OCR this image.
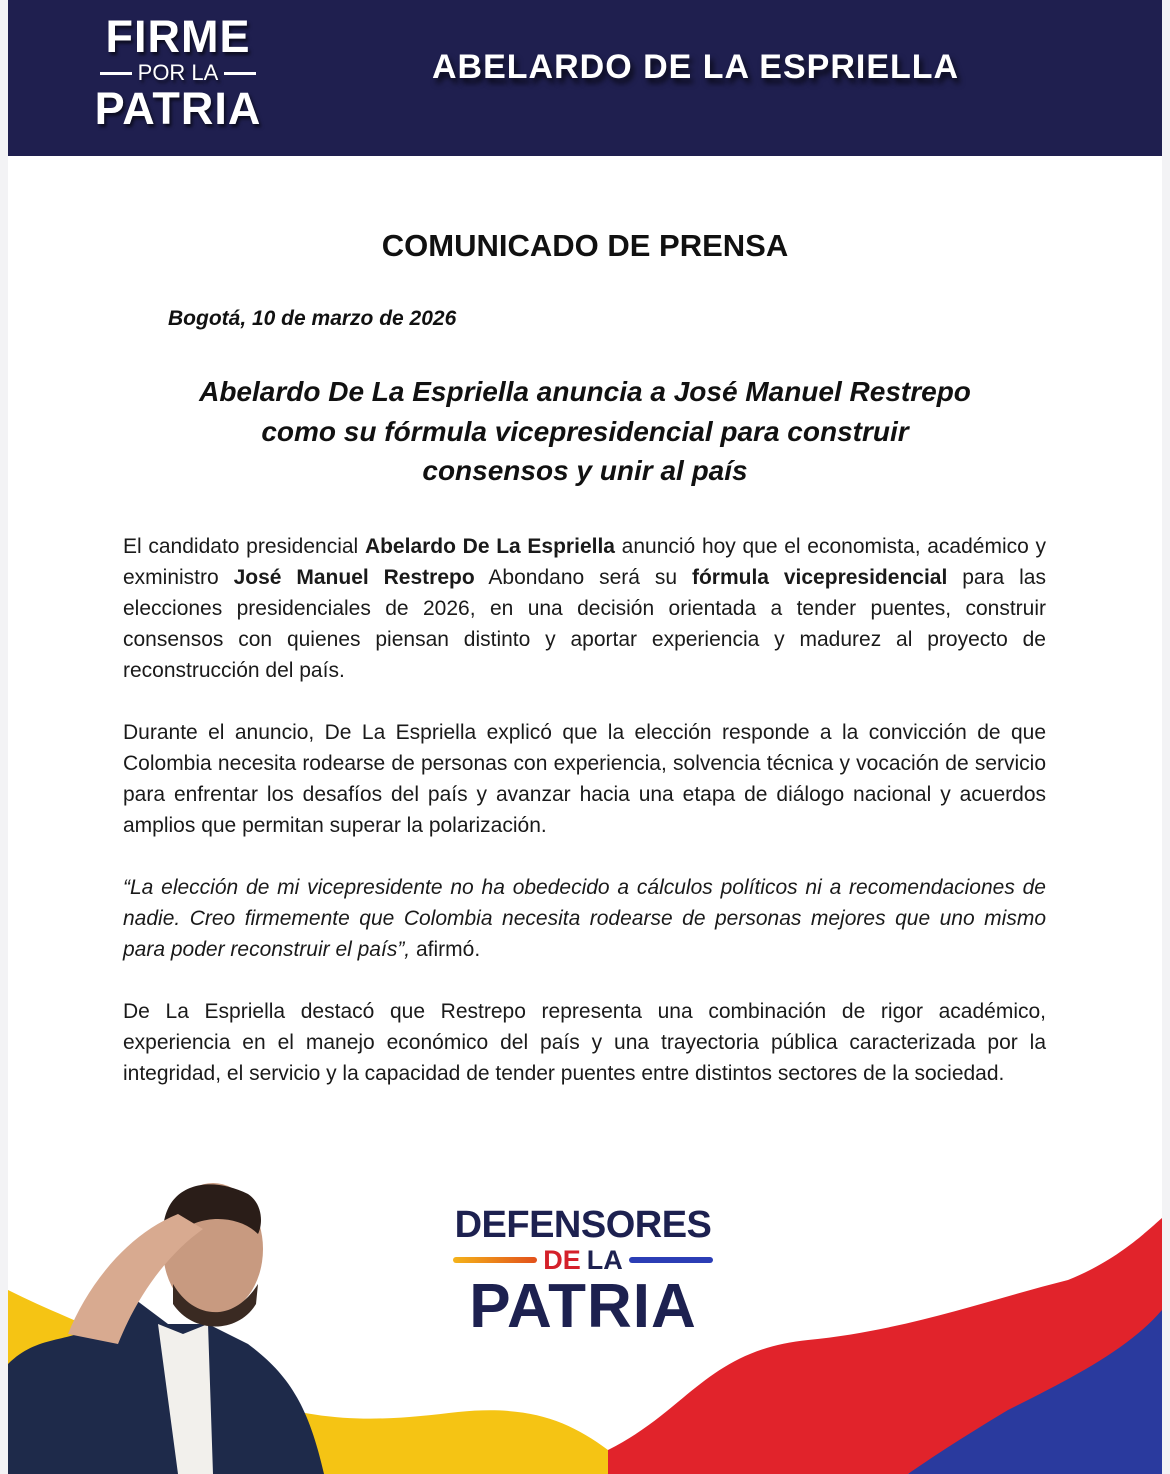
FIRME
POR LA
PATRIA
ABELARDO DE LA ESPRIELLA
COMUNICADO DE PRENSA
Bogotá, 10 de marzo de 2026
Abelardo De La Espriella anuncia a José Manuel Restrepo
como su fórmula vicepresidencial para construir
consensos y unir al país

El candidato presidencial Abelardo De La Espriella anunció hoy que el economista, académico y exministro José Manuel Restrepo Abondano será su fórmula vicepresidencial para las elecciones presidenciales de 2026, en una decisión orientada a tender puentes, construir consensos con quienes piensan distinto y aportar experiencia y madurez al proyecto de reconstrucción del país.

Durante el anuncio, De La Espriella explicó que la elección responde a la convicción de que Colombia necesita rodearse de personas con experiencia, solvencia técnica y vocación de servicio para enfrentar los desafíos del país y avanzar hacia una etapa de diálogo nacional y acuerdos amplios que permitan superar la polarización.

“La elección de mi vicepresidente no ha obedecido a cálculos políticos ni a recomendaciones de nadie. Creo firmemente que Colombia necesita rodearse de personas mejores que uno mismo para poder reconstruir el país”, afirmó.

De La Espriella destacó que Restrepo representa una combinación de rigor académico, experiencia en el manejo económico del país y una trayectoria pública caracterizada por la integridad, el servicio y la capacidad de tender puentes entre distintos sectores de la sociedad.

DEFENSORES
DE LA
PATRIA
